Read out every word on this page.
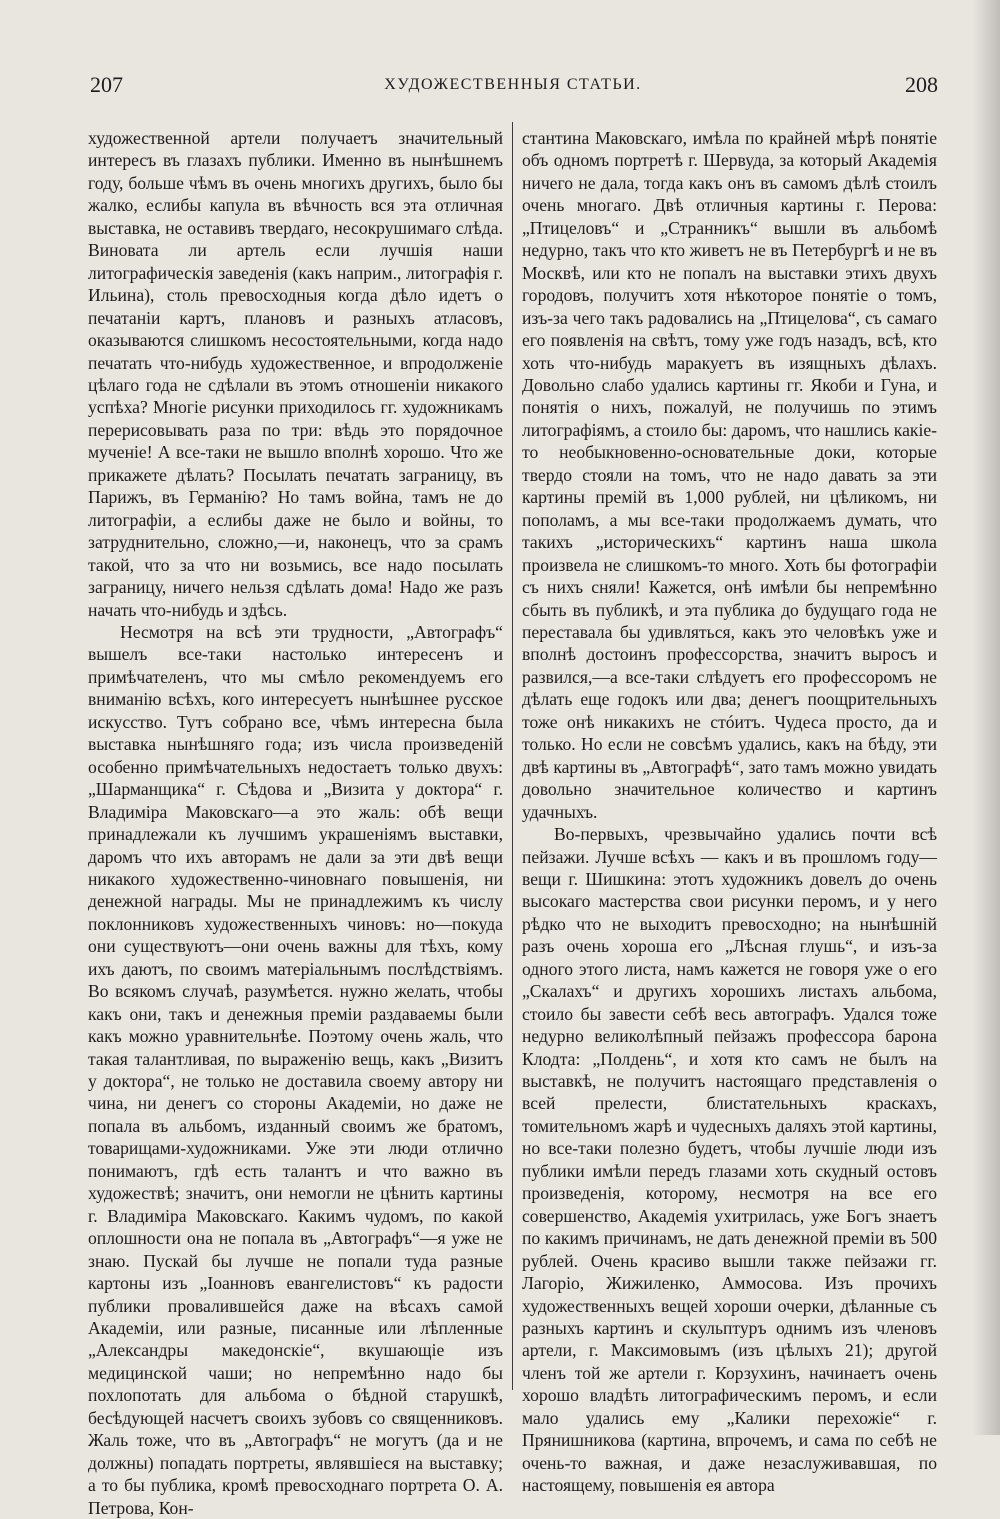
207	ХУДОЖЕСТВЕННЫЯ СТАТЬИ.	208

художественной артели получаетъ значительный интересъ въ глазахъ публики. Именно въ нынѣшнемъ году, больше чѣмъ въ очень многихъ другихъ, было бы жалко, еслибы капула въ вѣчность вся эта отличная выставка, не оставивъ твердаго, несокрушимаго слѣда. Виновата ли артель если лучшія наши литографическія заведенія (какъ наприм., литографія г. Ильина), столь превосходныя когда дѣло идетъ о печатаніи картъ, плановъ и разныхъ атласовъ, оказываются слишкомъ несостоятельными, когда надо печатать что-нибудь художественное, и впродолженіе цѣлаго года не сдѣлали въ этомъ отношеніи никакого успѣха? Многіе рисунки приходилось гг. художникамъ перерисовывать раза по три: вѣдь это порядочное мученіе! А все-таки не вышло вполнѣ хорошо. Что же прикажете дѣлать? Посылать печатать заграницу, въ Парижъ, въ Германію? Но тамъ война, тамъ не до литографіи, а еслибы даже не было и войны, то затруднительно, сложно,—и, наконецъ, что за срамъ такой, что за что ни возьмись, все надо посылать заграницу, ничего нельзя сдѣлать дома! Надо же разъ начать что-нибудь и здѣсь.

Несмотря на всѣ эти трудности, „Автографъ“ вышелъ все-таки настолько интересенъ и примѣчателенъ, что мы смѣло рекомендуемъ его вниманію всѣхъ, кого интересуетъ нынѣшнее русское искусство. Тутъ собрано все, чѣмъ интересна была выставка нынѣшняго года; изъ числа произведеній особенно примѣчательныхъ недостаетъ только двухъ: „Шарманщика“ г. Сѣдова и „Визита у доктора“ г. Владиміра Маковскаго—а это жаль: обѣ вещи принадлежали къ лучшимъ украшеніямъ выставки, даромъ что ихъ авторамъ не дали за эти двѣ вещи никакого художественно-чиновнаго повышенія, ни денежной награды. Мы не принадлежимъ къ числу поклонниковъ художественныхъ чиновъ: но—покуда они существуютъ—они очень важны для тѣхъ, кому ихъ даютъ, по своимъ матеріальнымъ послѣдствіямъ. Во всякомъ случаѣ, разумѣется. нужно желать, чтобы какъ они, такъ и денежныя преміи раздаваемы были какъ можно уравнительнѣе. Поэтому очень жаль, что такая талантливая, по выраженію вещь, какъ „Визитъ у доктора“, не только не доставила своему автору ни чина, ни денегъ со стороны Академіи, но даже не попала въ альбомъ, изданный своимъ же братомъ, товарищами-художниками. Уже эти люди отлично понимаютъ, гдѣ есть талантъ и что важно въ художествѣ; значитъ, они немогли не цѣнить картины г. Владиміра Маковскаго. Какимъ чудомъ, по какой оплошности она не попала въ „Автографъ“—я уже не знаю. Пускай бы лучше не попали туда разные картоны изъ „Іоанновъ евангелистовъ“ къ радости публики провалившейся даже на вѣсахъ самой Академіи, или разные, писанные или лѣпленные „Александры македонскіе“, вкушающіе изъ медицинской чаши; но непремѣнно надо бы похлопотать для альбома о бѣдной старушкѣ, бесѣдующей насчетъ своихъ зубовъ со священниковъ. Жаль тоже, что въ „Автографъ“ не могутъ (да и не должны) попадать портреты, являвшіеся на выставку; а то бы публика, кромѣ превосходнаго портрета О. А. Петрова, Кон-

стантина Маковскаго, имѣла по крайней мѣрѣ понятіе объ одномъ портретѣ г. Шервуда, за который Академія ничего не дала, тогда какъ онъ въ самомъ дѣлѣ стоилъ очень многаго. Двѣ отличныя картины г. Перова: „Птицеловъ“ и „Странникъ“ вышли въ альбомѣ недурно, такъ что кто живетъ не въ Петербургѣ и не въ Москвѣ, или кто не попалъ на выставки этихъ двухъ городовъ, получитъ хотя нѣкоторое понятіе о томъ, изъ-за чего такъ радовались на „Птицелова“, съ самаго его появленія на свѣтъ, тому уже годъ назадъ, всѣ, кто хоть что-нибудь маракуетъ въ изящныхъ дѣлахъ. Довольно слабо удались картины гг. Якоби и Гуна, и понятія о нихъ, пожалуй, не получишь по этимъ литографіямъ, а стоило бы: даромъ, что нашлись какіе-то необыкновенно-основательные доки, которые твердо стояли на томъ, что не надо давать за эти картины премій въ 1,000 рублей, ни цѣликомъ, ни пополамъ, а мы все-таки продолжаемъ думать, что такихъ „историческихъ“ картинъ наша школа произвела не слишкомъ-то много. Хоть бы фотографіи съ нихъ сняли! Кажется, онѣ имѣли бы непремѣнно сбыть въ публикѣ, и эта публика до будущаго года не переставала бы удивляться, какъ это человѣкъ уже и вполнѣ достоинъ профессорства, значитъ выросъ и развился,—а все-таки слѣдуетъ его профессоромъ не дѣлать еще годокъ или два; денегъ поощрительныхъ тоже онѣ никакихъ не стóитъ. Чудеса просто, да и только. Но если не совсѣмъ удались, какъ на бѣду, эти двѣ картины въ „Автографѣ“, зато тамъ можно увидать довольно значительное количество и картинъ удачныхъ.

Во-первыхъ, чрезвычайно удались почти всѣ пейзажи. Лучше всѣхъ — какъ и въ прошломъ году—вещи г. Шишкина: этотъ художникъ довелъ до очень высокаго мастерства свои рисунки перомъ, и у него рѣдко что не выходитъ превосходно; на нынѣшній разъ очень хороша его „Лѣсная глушь“, и изъ-за одного этого листа, намъ кажется не говоря уже о его „Скалахъ“ и другихъ хорошихъ листахъ альбома, стоило бы завести себѣ весь автографъ. Удался тоже недурно великолѣпный пейзажъ профессора барона Клодта: „Полдень“, и хотя кто самъ не былъ на выставкѣ, не получитъ настоящаго представленія о всей прелести, блистательныхъ краскахъ, томительномъ жарѣ и чудесныхъ даляхъ этой картины, но все-таки полезно будетъ, чтобы лучшіе люди изъ публики имѣли передъ глазами хоть скудный остовъ произведенія, которому, несмотря на все его совершенство, Академія ухитрилась, уже Богъ знаетъ по какимъ причинамъ, не дать денежной преміи въ 500 рублей. Очень красиво вышли также пейзажи гг. Лагоріо, Жижиленко, Аммосова. Изъ прочихъ художественныхъ вещей хороши очерки, дѣланные съ разныхъ картинъ и скульптуръ однимъ изъ членовъ артели, г. Максимовымъ (изъ цѣлыхъ 21); другой членъ той же артели г. Корзухинъ, начинаетъ очень хорошо владѣть литографическимъ перомъ, и если мало удались ему „Калики перехожіе“ г. Прянишникова (картина, впрочемъ, и сама по себѣ не очень-то важная, и даже незаслуживавшая, по настоящему, повышенія ея автора
